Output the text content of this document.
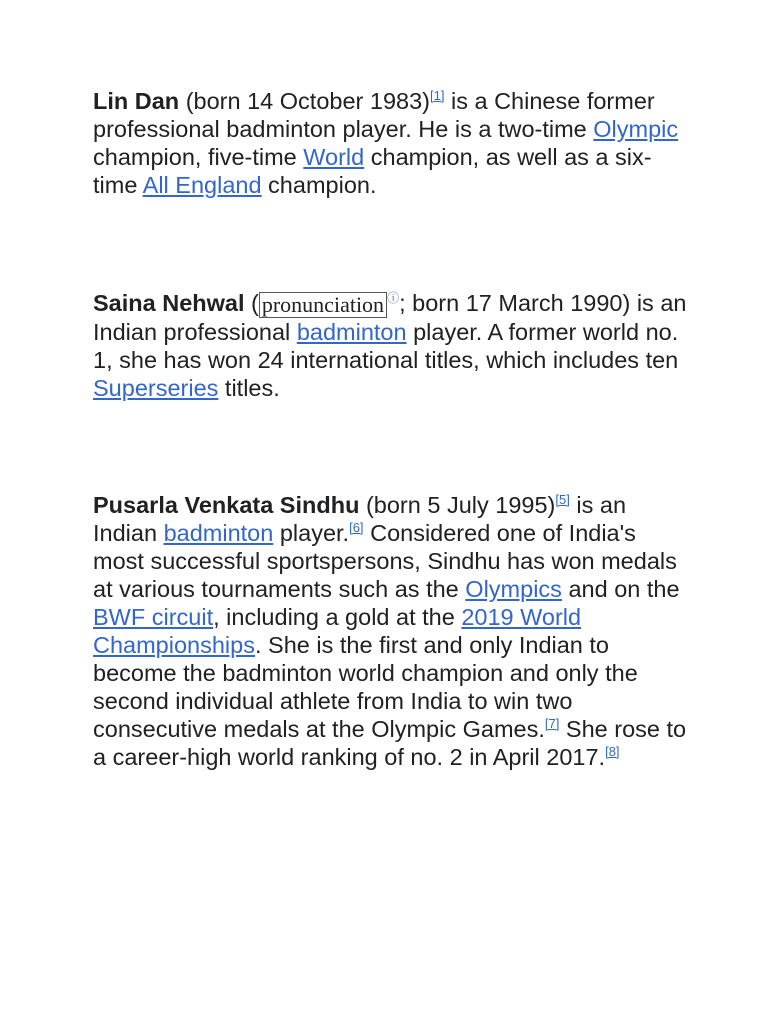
Lin Dan (born 14 October 1983)[1] is a Chinese former professional badminton player. He is a two-time Olympic champion, five-time World champion, as well as a six-time All England champion.

Saina Nehwal ( pronunciation ⓘ; born 17 March 1990) is an Indian professional badminton player. A former world no. 1, she has won 24 international titles, which includes ten Superseries titles.

Pusarla Venkata Sindhu (born 5 July 1995)[5] is an Indian badminton player.[6] Considered one of India's most successful sportspersons, Sindhu has won medals at various tournaments such as the Olympics and on the BWF circuit, including a gold at the 2019 World Championships. She is the first and only Indian to become the badminton world champion and only the second individual athlete from India to win two consecutive medals at the Olympic Games.[7] She rose to a career-high world ranking of no. 2 in April 2017.[8]
